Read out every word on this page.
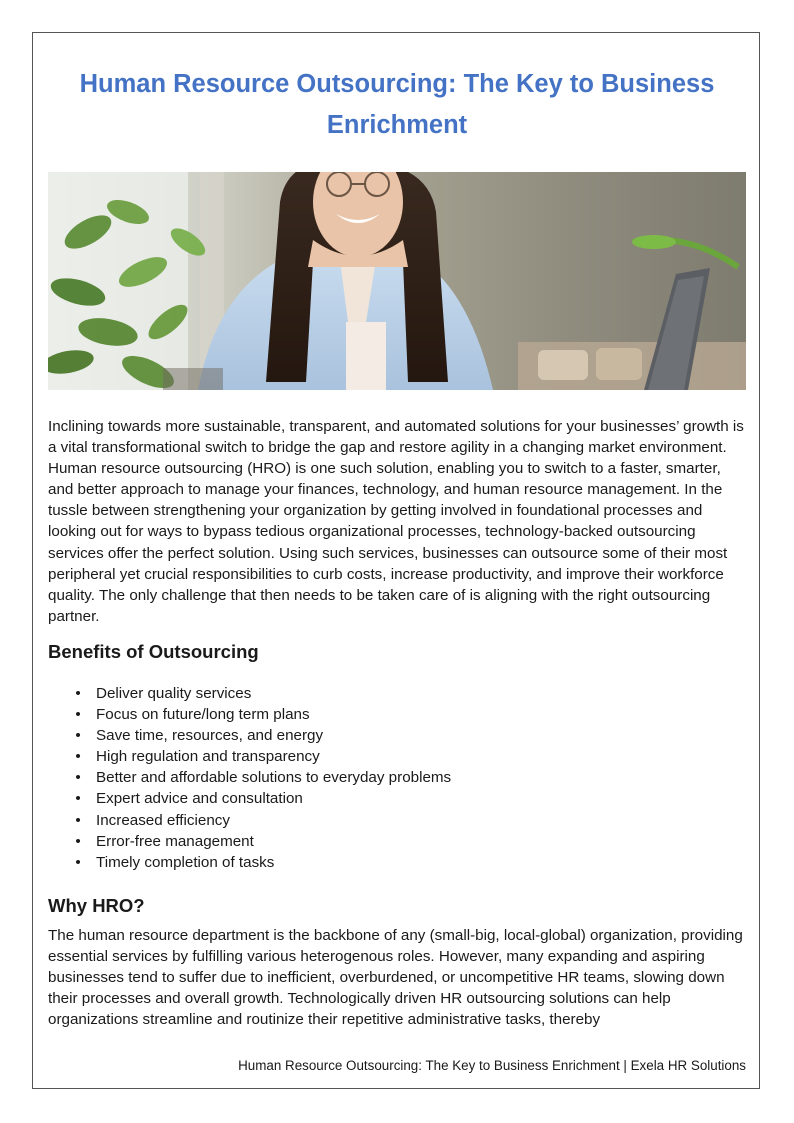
Human Resource Outsourcing: The Key to Business Enrichment

Inclining towards more sustainable, transparent, and automated solutions for your businesses’ growth is a vital transformational switch to bridge the gap and restore agility in a changing market environment. Human resource outsourcing (HRO) is one such solution, enabling you to switch to a faster, smarter, and better approach to manage your finances, technology, and human resource management. In the tussle between strengthening your organization by getting involved in foundational processes and looking out for ways to bypass tedious organizational processes, technology-backed outsourcing services offer the perfect solution. Using such services, businesses can outsource some of their most peripheral yet crucial responsibilities to curb costs, increase productivity, and improve their workforce quality. The only challenge that then needs to be taken care of is aligning with the right outsourcing partner.

Benefits of Outsourcing
• Deliver quality services
• Focus on future/long term plans
• Save time, resources, and energy
• High regulation and transparency
• Better and affordable solutions to everyday problems
• Expert advice and consultation
• Increased efficiency
• Error-free management
• Timely completion of tasks
Why HRO?

The human resource department is the backbone of any (small-big, local-global) organization, providing essential services by fulfilling various heterogenous roles. However, many expanding and aspiring businesses tend to suffer due to inefficient, overburdened, or uncompetitive HR teams, slowing down their processes and overall growth. Technologically driven HR outsourcing solutions can help organizations streamline and routinize their repetitive administrative tasks, thereby

Human Resource Outsourcing: The Key to Business Enrichment | Exela HR Solutions
